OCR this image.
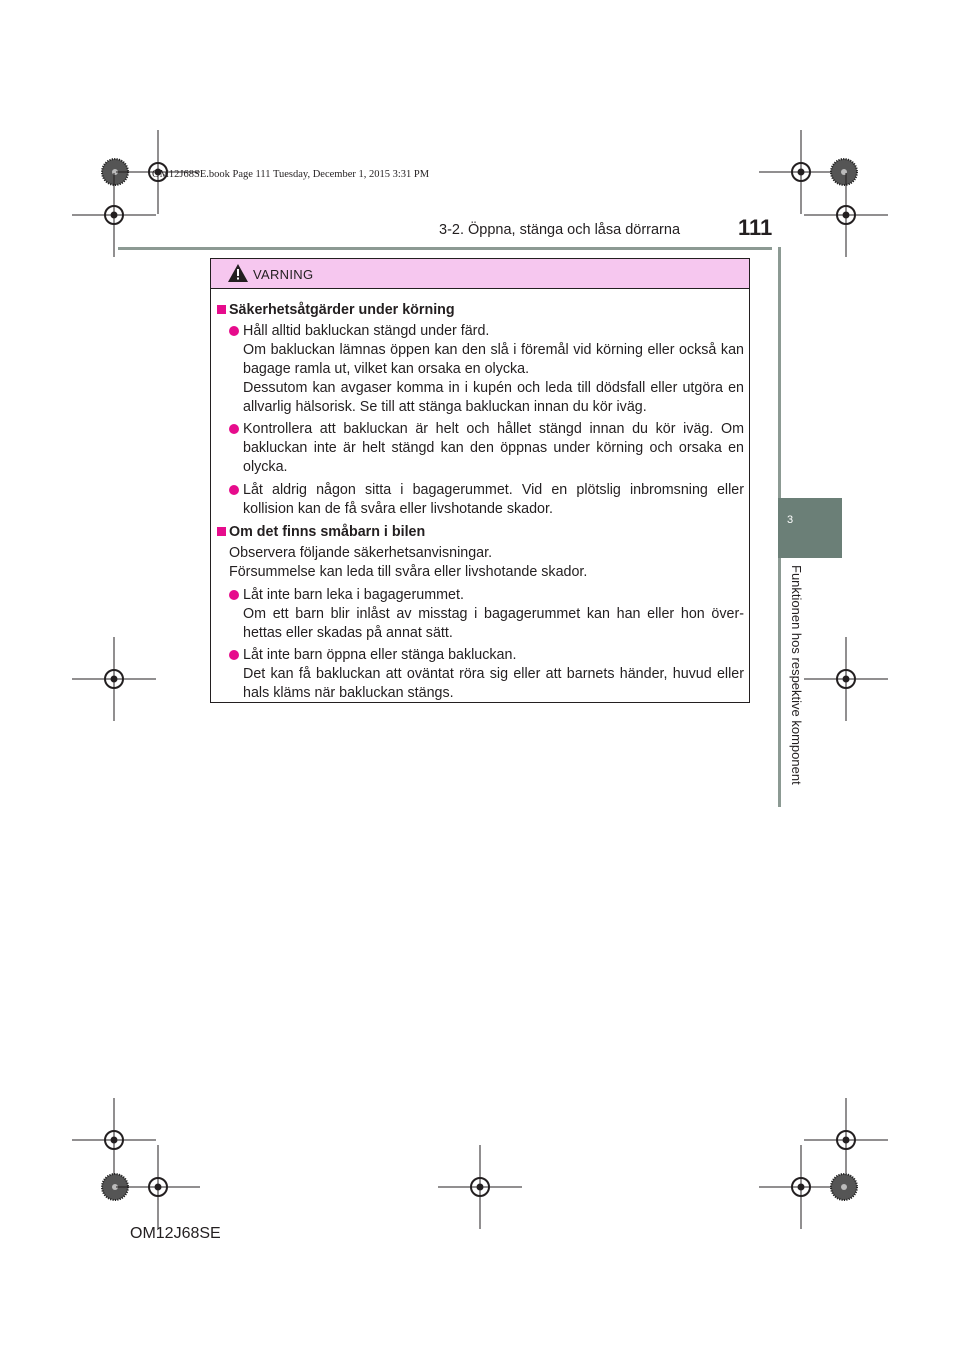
OM12J68SE.book Page 111 Tuesday, December 1, 2015 3:31 PM
3-2. Öppna, stänga och låsa dörrarna	111
3
Funktionen hos respektive komponent
VARNING
Säkerhetsåtgärder under körning
Håll alltid bakluckan stängd under färd.
Om bakluckan lämnas öppen kan den slå i föremål vid körning eller också kan bagage ramla ut, vilket kan orsaka en olycka.
Dessutom kan avgaser komma in i kupén och leda till dödsfall eller utgöra en allvarlig hälsorisk. Se till att stänga bakluckan innan du kör iväg.
Kontrollera att bakluckan är helt och hållet stängd innan du kör iväg. Om bakluckan inte är helt stängd kan den öppnas under körning och orsaka en olycka.
Låt aldrig någon sitta i bagagerummet. Vid en plötslig inbromsning eller kollision kan de få svåra eller livshotande skador.
Om det finns småbarn i bilen
Observera följande säkerhetsanvisningar.
Försummelse kan leda till svåra eller livshotande skador.
Låt inte barn leka i bagagerummet.
Om ett barn blir inlåst av misstag i bagagerummet kan han eller hon över-hettas eller skadas på annat sätt.
Låt inte barn öppna eller stänga bakluckan.
Det kan få bakluckan att oväntat röra sig eller att barnets händer, huvud eller hals kläms när bakluckan stängs.
OM12J68SE
